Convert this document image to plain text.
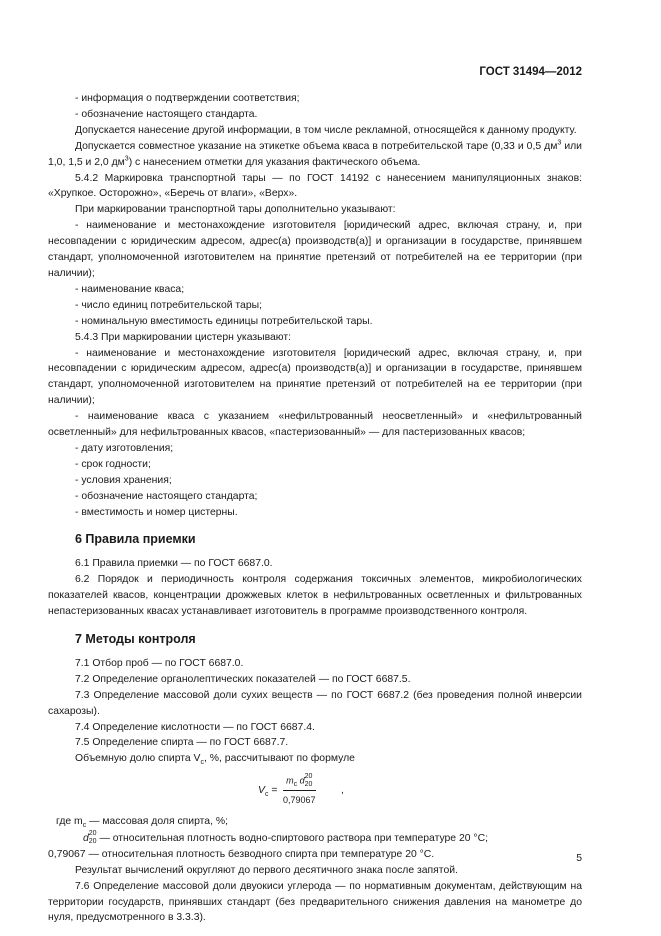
ГОСТ 31494—2012

- информация о подтверждении соответствия;

- обозначение настоящего стандарта.

Допускается нанесение другой информации, в том числе рекламной, относящейся к данному продукту.

Допускается совместное указание на этикетке объема кваса в потребительской таре (0,33 и 0,5 $дм^3$ или 1,0, 1,5 и 2,0 $дм^3$) с нанесением отметки для указания фактического объема.

5.4.2 Маркировка транспортной тары — по ГОСТ 14192 с нанесением манипуляционных знаков: «Хрупкое. Осторожно», «Беречь от влаги», «Верх».

При маркировании транспортной тары дополнительно указывают:

- наименование и местонахождение изготовителя [юридический адрес, включая страну, и, при несовпадении с юридическим адресом, адрес(а) производств(а)] и организации в государстве, принявшем стандарт, уполномоченной изготовителем на принятие претензий от потребителей на ее территории (при наличии);

- наименование кваса;

- число единиц потребительской тары;

- номинальную вместимость единицы потребительской тары.

5.4.3 При маркировании цистерн указывают:

- наименование и местонахождение изготовителя [юридический адрес, включая страну, и, при несовпадении с юридическим адресом, адрес(а) производств(а)] и организации в государстве, принявшем стандарт, уполномоченной изготовителем на принятие претензий от потребителей на ее территории (при наличии);

- наименование кваса с указанием «нефильтрованный неосветленный» и «нефильтрованный осветленный» для нефильтрованных квасов, «пастеризованный» — для пастеризованных квасов;

- дату изготовления;

- срок годности;

- условия хранения;

- обозначение настоящего стандарта;

- вместимость и номер цистерны.

6 Правила приемки

6.1 Правила приемки — по ГОСТ 6687.0.

6.2 Порядок и периодичность контроля содержания токсичных элементов, микробиологических показателей квасов, концентрации дрожжевых клеток в нефильтрованных осветленных и фильтрованных непастеризованных квасах устанавливает изготовитель в программе производственного контроля.

7 Методы контроля

7.1 Отбор проб — по ГОСТ 6687.0.

7.2 Определение органолептических показателей — по ГОСТ 6687.5.

7.3 Определение массовой доли сухих веществ — по ГОСТ 6687.2 (без проведения полной инверсии сахарозы).

7.4 Определение кислотности — по ГОСТ 6687.4.

7.5 Определение спирта — по ГОСТ 6687.7.

Объемную долю спирта $V_c$, %, рассчитывают по формуле

$V_c = m_c$ d 20
20
0,79067 ,

где $m_c$ — массовая доля спирта, %;

d 20
20 — относительная плотность водно-спиртового раствора при температуре 20 °С;

0,79067 — относительная плотность безводного спирта при температуре 20 °С.

Результат вычислений округляют до первого десятичного знака после запятой.

7.6 Определение массовой доли двуокиси углерода — по нормативным документам, действующим на территории государств, принявших стандарт (без предварительного снижения давления на манометре до нуля, предусмотренного в 3.3.3).

5
